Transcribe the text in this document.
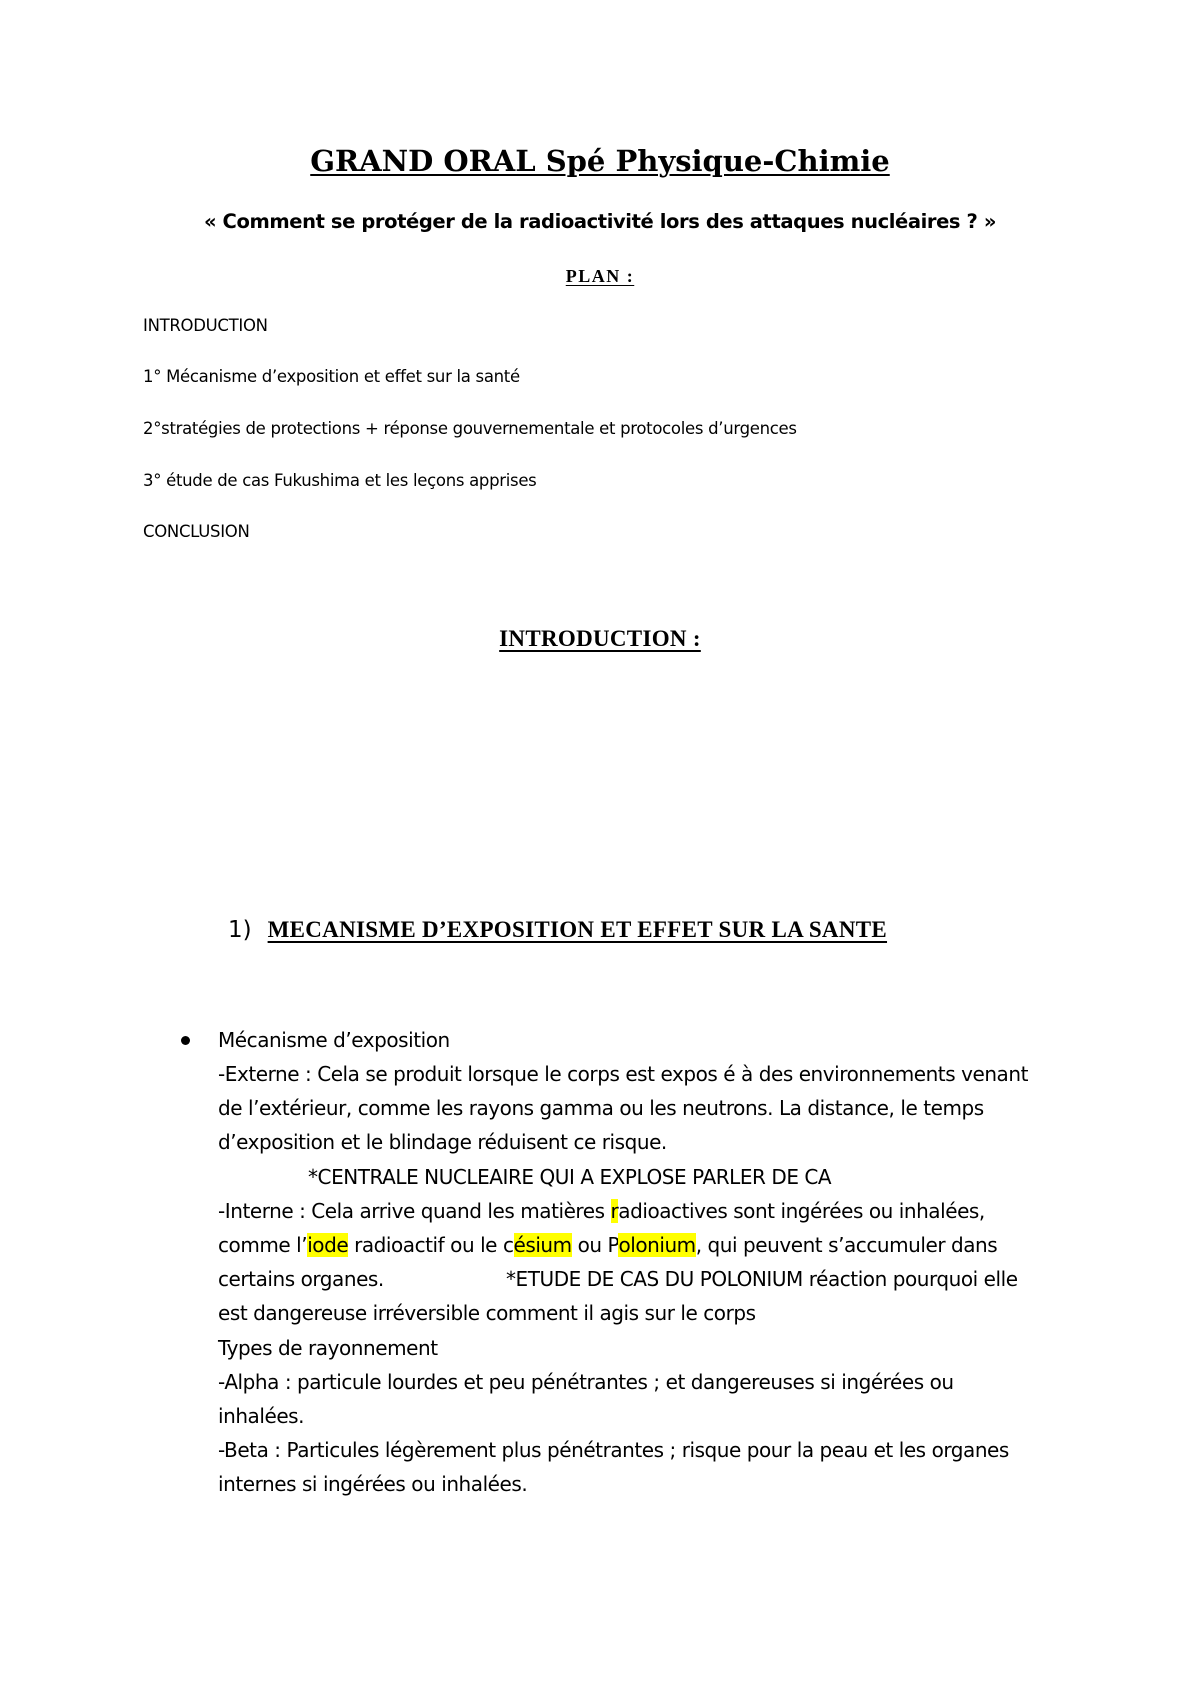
GRAND ORAL Spé Physique-Chimie
« Comment se protéger de la radioactivité lors des attaques nucléaires ? »
PLAN :
INTRODUCTION
1° Mécanisme d’exposition et effet sur la santé
2°stratégies de protections + réponse gouvernementale et protocoles d’urgences
3° étude de cas Fukushima et les leçons apprises
CONCLUSION
INTRODUCTION :
1) MECANISME D’EXPOSITION ET EFFET SUR LA SANTE
Mécanisme d’exposition
-Externe : Cela se produit lorsque le corps est expos é à des environnements venant
de l’extérieur, comme les rayons gamma ou les neutrons. La distance, le temps
d’exposition et le blindage réduisent ce risque.
*CENTRALE NUCLEAIRE QUI A EXPLOSE PARLER DE CA
-Interne : Cela arrive quand les matières radioactives sont ingérées ou inhalées,
comme l’iode radioactif ou le césium ou Polonium, qui peuvent s’accumuler dans
certains organes.	*ETUDE DE CAS DU POLONIUM réaction pourquoi elle
est dangereuse irréversible comment il agis sur le corps
Types de rayonnement
-Alpha : particule lourdes et peu pénétrantes ; et dangereuses si ingérées ou
inhalées.
-Beta : Particules légèrement plus pénétrantes ; risque pour la peau et les organes
internes si ingérées ou inhalées.
